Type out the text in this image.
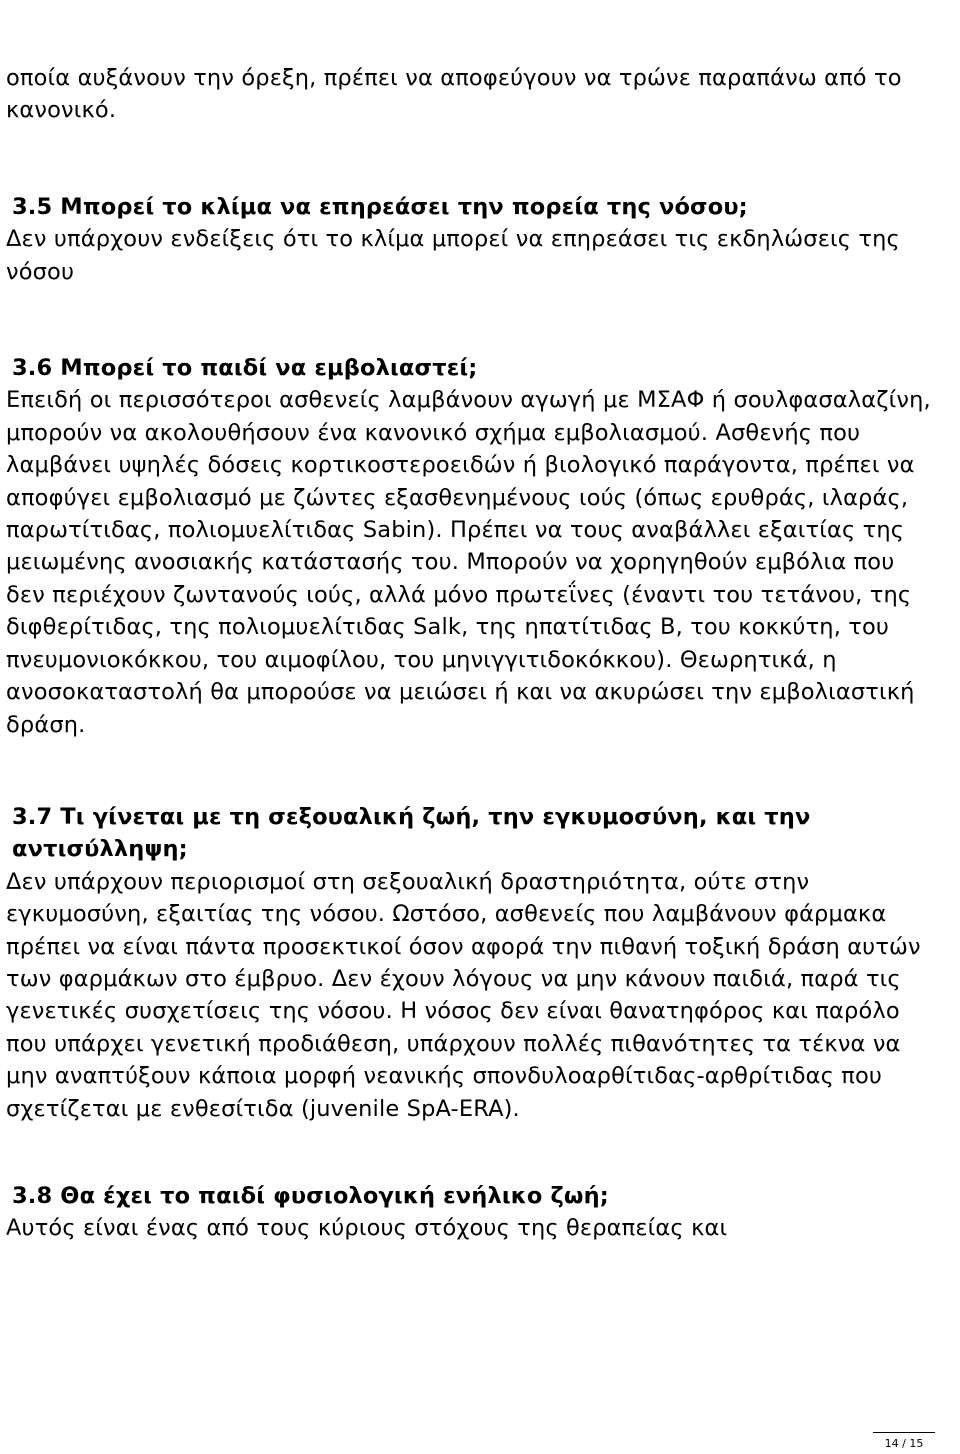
οποία αυξάνουν την όρεξη, πρέπει να αποφεύγουν να τρώνε παραπάνω από το κανονικό.

3.5 Μπορεί το κλίμα να επηρεάσει την πορεία της νόσου;

Δεν υπάρχουν ενδείξεις ότι το κλίμα μπορεί να επηρεάσει τις εκδηλώσεις της νόσου

3.6 Μπορεί το παιδί να εμβολιαστεί;

Επειδή οι περισσότεροι ασθενείς λαμβάνουν αγωγή με ΜΣΑΦ ή σουλφασαλαζίνη, μπορούν να ακολουθήσουν ένα κανονικό σχήμα εμβολιασμού. Ασθενής που λαμβάνει υψηλές δόσεις κορτικοστεροειδών ή βιολογικό παράγοντα, πρέπει να αποφύγει εμβολιασμό με ζώντες εξασθενημένους ιούς (όπως ερυθράς, ιλαράς, παρωτίτιδας, πολιομυελίτιδας Sabin). Πρέπει να τους αναβάλλει εξαιτίας της μειωμένης ανοσιακής κατάστασής του. Μπορούν να χορηγηθούν εμβόλια που δεν περιέχουν ζωντανούς ιούς, αλλά μόνο πρωτεΐνες (έναντι του τετάνου, της διφθερίτιδας, της πολιομυελίτιδας Salk, της ηπατίτιδας Β, του κοκκύτη, του πνευμονιοκόκκου, του αιμοφίλου, του μηνιγγιτιδοκόκκου). Θεωρητικά, η ανοσοκαταστολή θα μπορούσε να μειώσει ή και να ακυρώσει την εμβολιαστική δράση.

3.7 Τι γίνεται με τη σεξουαλική ζωή, την εγκυμοσύνη, και την αντισύλληψη;

Δεν υπάρχουν περιορισμοί στη σεξουαλική δραστηριότητα, ούτε στην εγκυμοσύνη, εξαιτίας της νόσου. Ωστόσο, ασθενείς που λαμβάνουν φάρμακα πρέπει να είναι πάντα προσεκτικοί όσον αφορά την πιθανή τοξική δράση αυτών των φαρμάκων στο έμβρυο. Δεν έχουν λόγους να μην κάνουν παιδιά, παρά τις γενετικές συσχετίσεις της νόσου. Η νόσος δεν είναι θανατηφόρος και παρόλο που υπάρχει γενετική προδιάθεση, υπάρχουν πολλές πιθανότητες τα τέκνα να μην αναπτύξουν κάποια μορφή νεανικής σπονδυλοαρθίτιδας-αρθρίτιδας που σχετίζεται με ενθεσίτιδα (juvenile SpA-ERA).

3.8 Θα έχει το παιδί φυσιολογική ενήλικο ζωή;

Αυτός είναι ένας από τους κύριους στόχους της θεραπείας και

14 / 15
